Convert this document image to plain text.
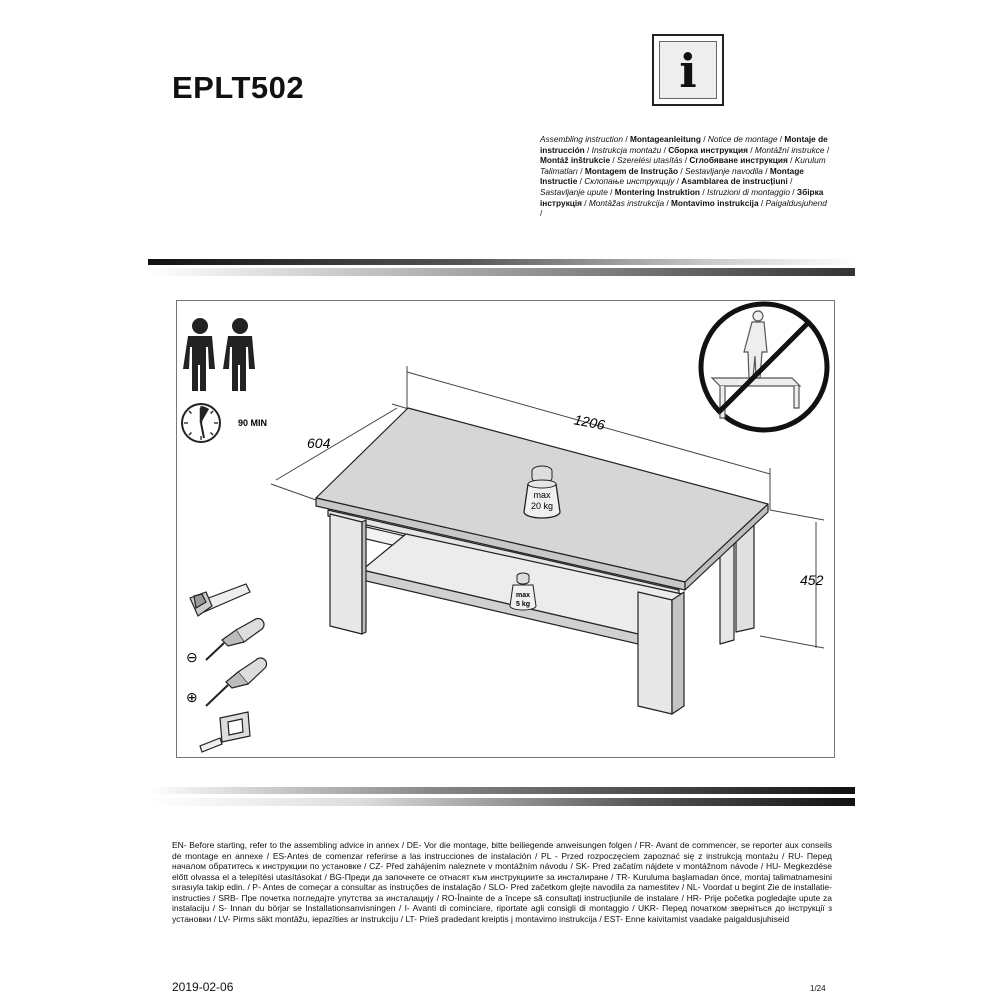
EPLT502	i
Assembling instruction / Montageanleitung / Notice de montage / Montaje de instrucción / Instrukcja montażu / Сборка инструкция / Montážní instrukce / Montáž inštrukcie / Szerelési utasítás / Сглобяване инструкция / Kurulum Talimatları / Montagem de Instrução / Sestavljanje navodila / Montage Instructie / Склопање инструкцију / Asamblarea de instrucțiuni / Sastavljanje upute / Montering Instruktion / Istruzioni di montaggio / Збірка інструкція / Montāžas instrukcija / Montavimo instrukcija / Paigaldusjuhend /
90 MIN	1206
604
452
max
20 kg
max
5 kg
⊖
⊕
EN- Before starting, refer to the assembling advice in annex / DE- Vor die montage, bitte beiliegende anweisungen folgen / FR- Avant de commencer, se reporter aux conseils de montage en annexe / ES-Antes de comenzar referirse a las instrucciones de instalación / PL - Przed rozpoczęciem zapoznać się z instrukcją montażu / RU- Перед началом обратитесь к инструкции по установке / CZ- Před zahájením naleznete v montážním návodu / SK- Pred začatím nájdete v montážnom návode / HU- Megkezdése előtt olvassa el a telepítési utasításokat / BG-Преди да започнете се отнасят към инструкциите за инсталиране / TR- Kuruluma başlamadan önce, montaj talimatnamesini sırasıyla takip edin. / P- Antes de começar a consultar as instruções de instalação / SLO- Pred začetkom glejte navodila za namestitev / NL- Voordat u begint Zie de installatie-instructies / SRB- Пре почетка погледајте упутства за инсталацију / RO-Înainte de a începe să consultați instrucțiunile de instalare / HR- Prije početka pogledajte upute za instalaciju / S- Innan du börjar se Installationsanvisningen / I- Avanti di cominciare, riportate agli consigli di montaggio / UKR- Перед початком звернiться до iнструкцiї з установки / LV- Pirms sākt montāžu, iepazīties ar instrukciju / LT- Prieš pradedant kreiptis į montavimo instrukcija / EST- Enne kaivitamist vaadake paigaldusjuhiseid
2019-02-06	1/24
